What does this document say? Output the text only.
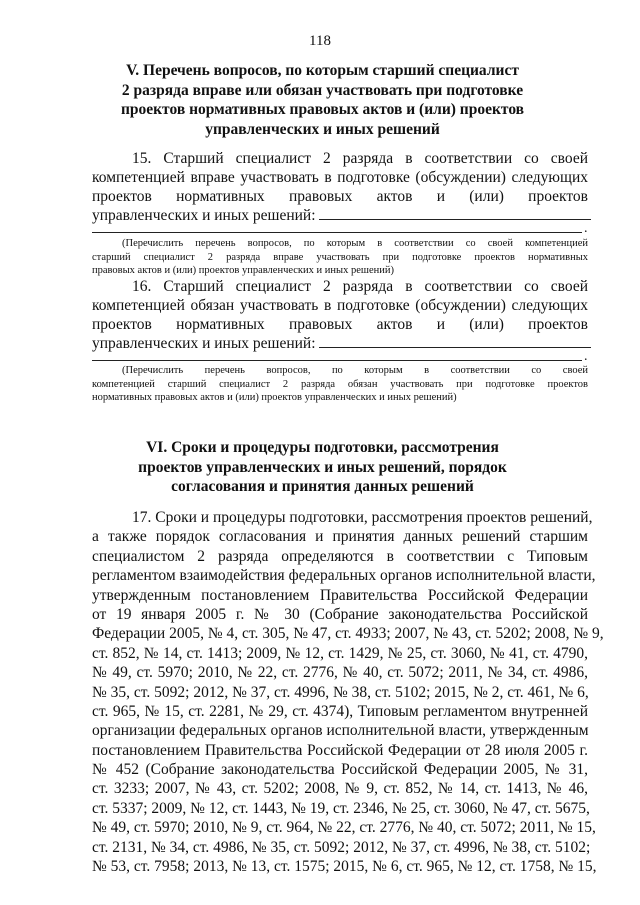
118
V. Перечень вопросов, по которым старший специалист
2 разряда вправе или обязан участвовать при подготовке
проектов нормативных правовых актов и (или) проектов
управленческих и иных решений
15. Старший специалист 2 разряда в соответствии со своей
компетенцией вправе участвовать в подготовке (обсуждении) следующих
проектов нормативных правовых актов и (или) проектов
управленческих и иных решений:
.
(Перечислить перечень вопросов, по которым в соответствии со своей компетенцией
старший специалист 2 разряда вправе участвовать при подготовке проектов нормативных
правовых актов и (или) проектов управленческих и иных решений)
16. Старший специалист 2 разряда в соответствии со своей
компетенцией обязан участвовать в подготовке (обсуждении) следующих
проектов нормативных правовых актов и (или) проектов
управленческих и иных решений:
.
(Перечислить перечень вопросов, по которым в соответствии со своей
компетенцией старший специалист 2 разряда обязан участвовать при подготовке проектов
нормативных правовых актов и (или) проектов управленческих и иных решений)
VI. Сроки и процедуры подготовки, рассмотрения
проектов управленческих и иных решений, порядок
согласования и принятия данных решений
17. Сроки и процедуры подготовки, рассмотрения проектов решений,
а также порядок согласования и принятия данных решений старшим
специалистом 2 разряда определяются в соответствии с Типовым
регламентом взаимодействия федеральных органов исполнительной власти,
утвержденным постановлением Правительства Российской Федерации
от 19 января 2005 г. № 30 (Собрание законодательства Российской
Федерации 2005, № 4, ст. 305, № 47, ст. 4933; 2007, № 43, ст. 5202; 2008, № 9,
ст. 852, № 14, ст. 1413; 2009, № 12, ст. 1429, № 25, ст. 3060, № 41, ст. 4790,
№ 49, ст. 5970; 2010, № 22, ст. 2776, № 40, ст. 5072; 2011, № 34, ст. 4986,
№ 35, ст. 5092; 2012, № 37, ст. 4996, № 38, ст. 5102; 2015, № 2, ст. 461, № 6,
ст. 965, № 15, ст. 2281, № 29, ст. 4374), Типовым регламентом внутренней
организации федеральных органов исполнительной власти, утвержденным
постановлением Правительства Российской Федерации от 28 июля 2005 г.
№ 452 (Собрание законодательства Российской Федерации 2005, № 31,
ст. 3233; 2007, № 43, ст. 5202; 2008, № 9, ст. 852, № 14, ст. 1413, № 46,
ст. 5337; 2009, № 12, ст. 1443, № 19, ст. 2346, № 25, ст. 3060, № 47, ст. 5675,
№ 49, ст. 5970; 2010, № 9, ст. 964, № 22, ст. 2776, № 40, ст. 5072; 2011, № 15,
ст. 2131, № 34, ст. 4986, № 35, ст. 5092; 2012, № 37, ст. 4996, № 38, ст. 5102;
№ 53, ст. 7958; 2013, № 13, ст. 1575; 2015, № 6, ст. 965, № 12, ст. 1758, № 15,
